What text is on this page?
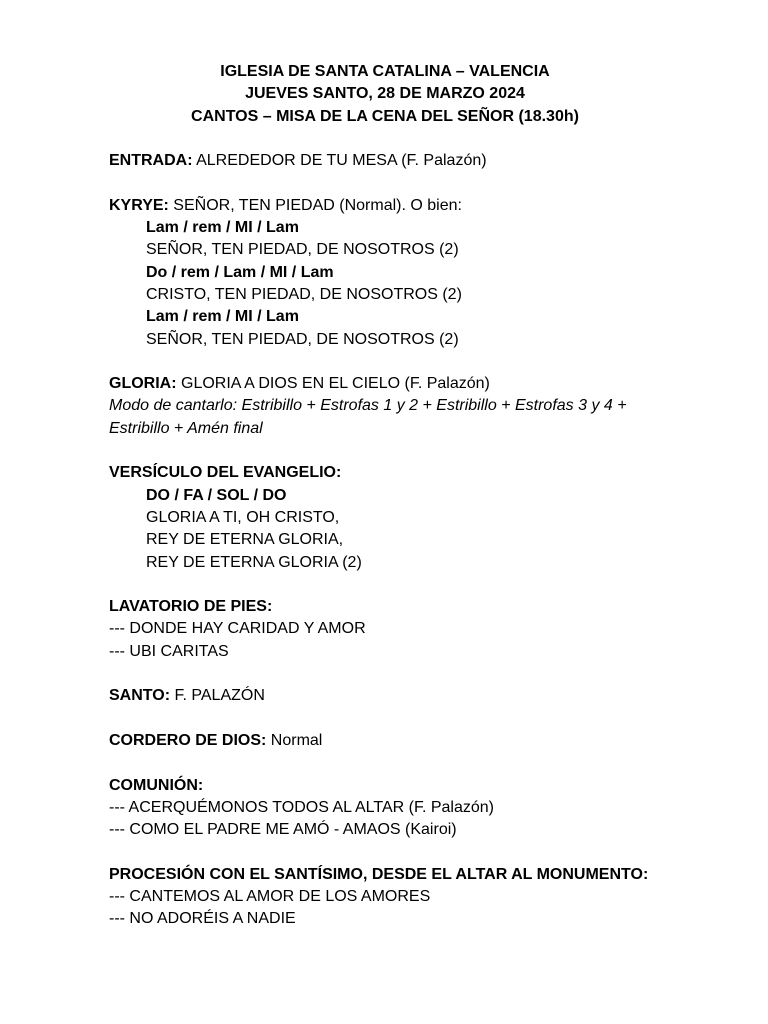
IGLESIA DE SANTA CATALINA – VALENCIA
JUEVES SANTO, 28 DE MARZO 2024
CANTOS – MISA DE LA CENA DEL SEÑOR (18.30h)
ENTRADA: ALREDEDOR DE TU MESA (F. Palazón)
KYRYE: SEÑOR, TEN PIEDAD (Normal). O bien:
Lam / rem / MI / Lam
SEÑOR, TEN PIEDAD, DE NOSOTROS (2)
Do / rem / Lam / MI / Lam
CRISTO, TEN PIEDAD, DE NOSOTROS (2)
Lam / rem / MI / Lam
SEÑOR, TEN PIEDAD, DE NOSOTROS (2)
GLORIA: GLORIA A DIOS EN EL CIELO (F. Palazón)
Modo de cantarlo: Estribillo + Estrofas 1 y 2 + Estribillo + Estrofas 3 y 4 + Estribillo + Amén final
VERSÍCULO DEL EVANGELIO:
DO / FA / SOL / DO
GLORIA A TI, OH CRISTO,
REY DE ETERNA GLORIA,
REY DE ETERNA GLORIA (2)
LAVATORIO DE PIES:
--- DONDE HAY CARIDAD Y AMOR
--- UBI CARITAS
SANTO: F. PALAZÓN
CORDERO DE DIOS: Normal
COMUNIÓN:
--- ACERQUÉMONOS TODOS AL ALTAR (F. Palazón)
--- COMO EL PADRE ME AMÓ - AMAOS (Kairoi)
PROCESIÓN CON EL SANTÍSIMO, DESDE EL ALTAR AL MONUMENTO:
--- CANTEMOS AL AMOR DE LOS AMORES
--- NO ADORÉIS A NADIE
